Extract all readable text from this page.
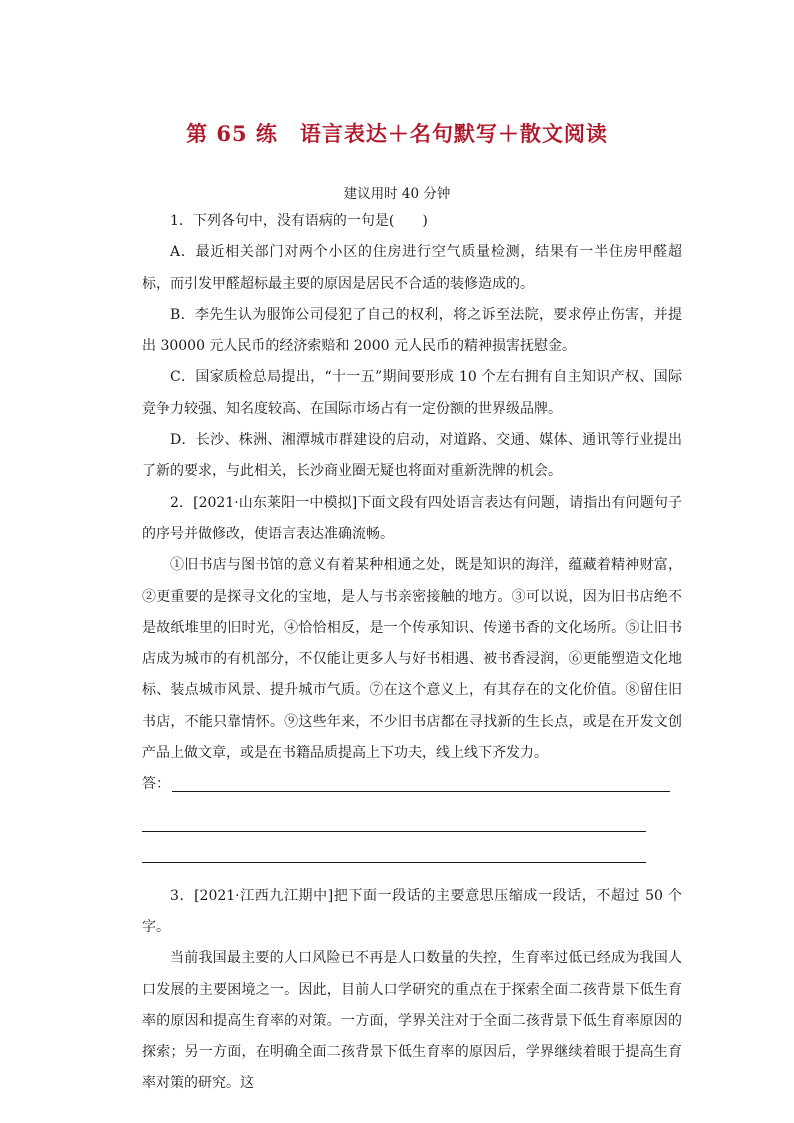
第 65 练　语言表达＋名句默写＋散文阅读
建议用时 40 分钟

1．下列各句中，没有语病的一句是(　　)

A．最近相关部门对两个小区的住房进行空气质量检测，结果有一半住房甲醛超标，而引发甲醛超标最主要的原因是居民不合适的装修造成的。

B．李先生认为服饰公司侵犯了自己的权利，将之诉至法院，要求停止伤害，并提出 30000 元人民币的经济索赔和 2000 元人民币的精神损害抚慰金。

C．国家质检总局提出，“十一五”期间要形成 10 个左右拥有自主知识产权、国际竞争力较强、知名度较高、在国际市场占有一定份额的世界级品牌。

D．长沙、株洲、湘潭城市群建设的启动，对道路、交通、媒体、通讯等行业提出了新的要求，与此相关，长沙商业圈无疑也将面对重新洗牌的机会。

2．[2021·山东莱阳一中模拟]下面文段有四处语言表达有问题，请指出有问题句子的序号并做修改，使语言表达准确流畅。

①旧书店与图书馆的意义有着某种相通之处，既是知识的海洋，蕴藏着精神财富，②更重要的是探寻文化的宝地，是人与书亲密接触的地方。③可以说，因为旧书店绝不是故纸堆里的旧时光，④恰恰相反，是一个传承知识、传递书香的文化场所。⑤让旧书店成为城市的有机部分，不仅能让更多人与好书相遇、被书香浸润，⑥更能塑造文化地标、装点城市风景、提升城市气质。⑦在这个意义上，有其存在的文化价值。⑧留住旧书店，不能只靠情怀。⑨这些年来，不少旧书店都在寻找新的生长点，或是在开发文创产品上做文章，或是在书籍品质提高上下功夫，线上线下齐发力。

答：

3．[2021·江西九江期中]把下面一段话的主要意思压缩成一段话，不超过 50 个字。

当前我国最主要的人口风险已不再是人口数量的失控，生育率过低已经成为我国人口发展的主要困境之一。因此，目前人口学研究的重点在于探索全面二孩背景下低生育率的原因和提高生育率的对策。一方面，学界关注对于全面二孩背景下低生育率原因的探索；另一方面，在明确全面二孩背景下低生育率的原因后，学界继续着眼于提高生育率对策的研究。这
